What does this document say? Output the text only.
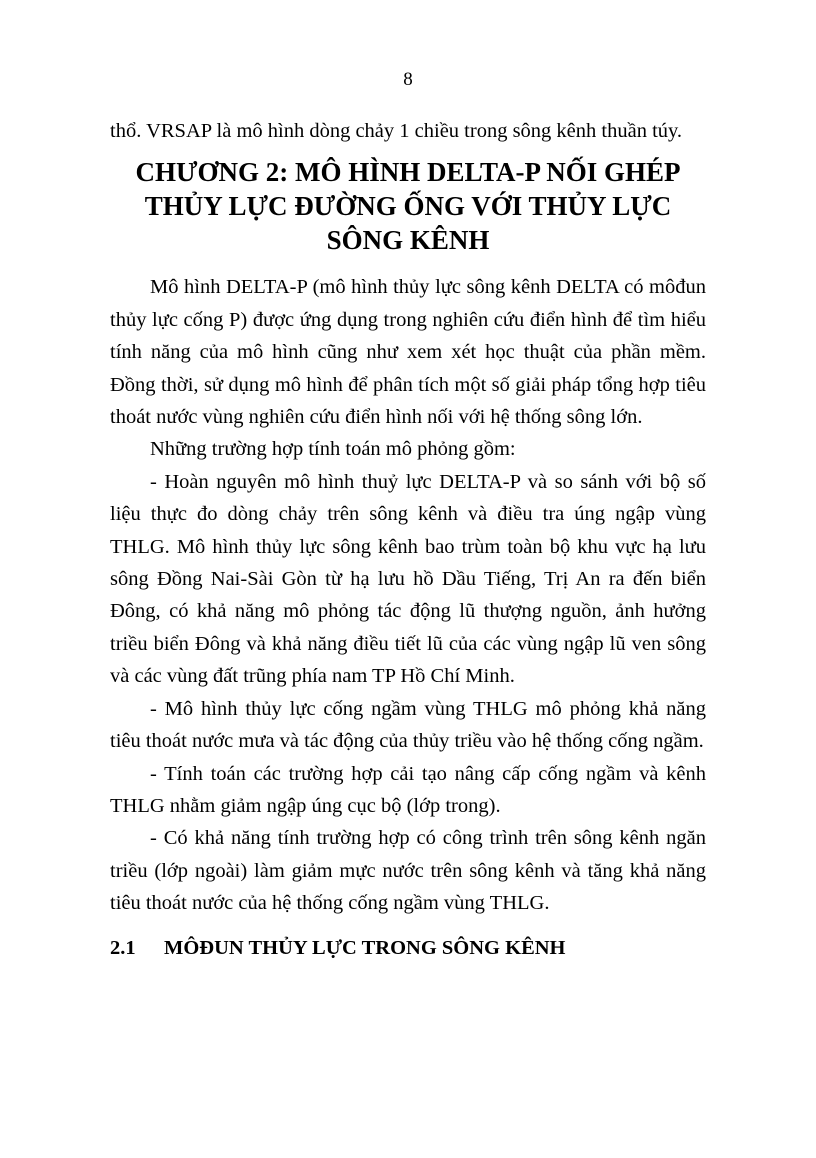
8

thổ. VRSAP là mô hình dòng chảy 1 chiều trong sông kênh thuần túy.

CHƯƠNG 2: MÔ HÌNH DELTA-P NỐI GHÉP THỦY LỰC ĐƯỜNG ỐNG VỚI THỦY LỰC SÔNG KÊNH

Mô hình DELTA-P (mô hình thủy lực sông kênh DELTA có môđun thủy lực cống P) được ứng dụng trong nghiên cứu điển hình để tìm hiểu tính năng của mô hình cũng như xem xét học thuật của phần mềm. Đồng thời, sử dụng mô hình để phân tích một số giải pháp tổng hợp tiêu thoát nước vùng nghiên cứu điển hình nối với hệ thống sông lớn.

Những trường hợp tính toán mô phỏng gồm:

- Hoàn nguyên mô hình thuỷ lực DELTA-P và so sánh với bộ số liệu thực đo dòng chảy trên sông kênh và điều tra úng ngập vùng THLG. Mô hình thủy lực sông kênh bao trùm toàn bộ khu vực hạ lưu sông Đồng Nai-Sài Gòn từ hạ lưu hồ Dầu Tiếng, Trị An ra đến biển Đông, có khả năng mô phỏng tác động lũ thượng nguồn, ảnh hưởng triều biển Đông và khả năng điều tiết lũ của các vùng ngập lũ ven sông và các vùng đất trũng phía nam TP Hồ Chí Minh.

- Mô hình thủy lực cống ngầm vùng THLG mô phỏng khả năng tiêu thoát nước mưa và tác động của thủy triều vào hệ thống cống ngầm.

- Tính toán các trường hợp cải tạo nâng cấp cống ngầm và kênh THLG nhằm giảm ngập úng cục bộ (lớp trong).

- Có khả năng tính trường hợp có công trình trên sông kênh ngăn triều (lớp ngoài) làm giảm mực nước trên sông kênh và tăng khả năng tiêu thoát nước của hệ thống cống ngầm vùng THLG.

2.1	MÔĐUN THỦY LỰC TRONG SÔNG KÊNH
